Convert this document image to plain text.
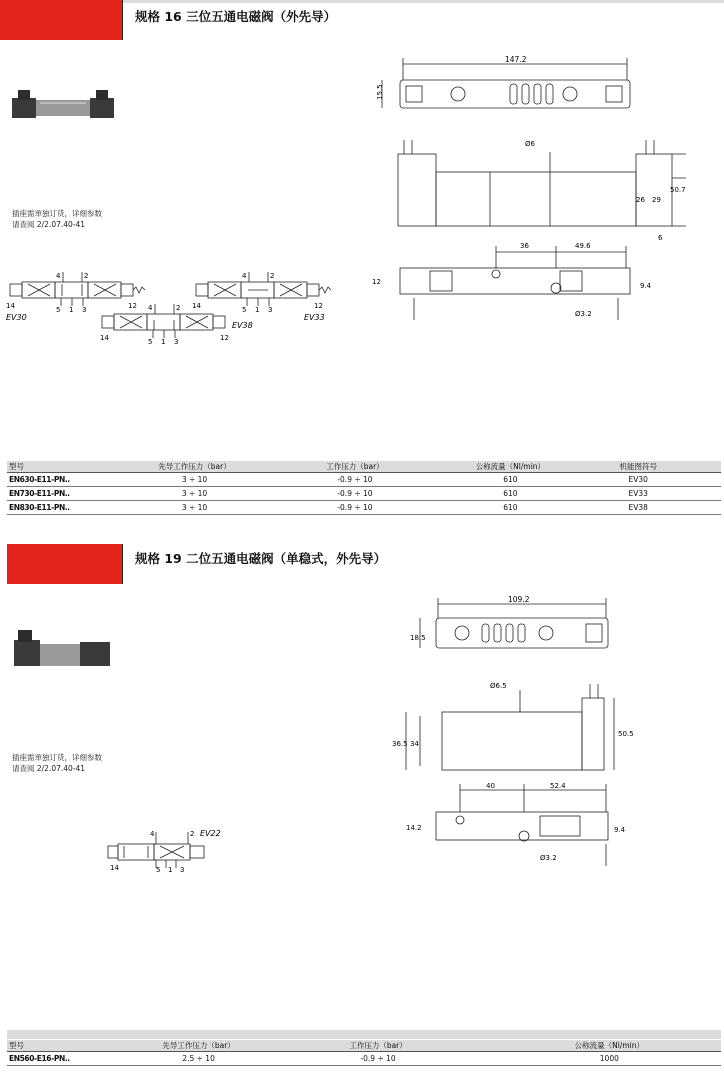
规格 16 三位五通电磁阀（外先导）
插座需单独订货，详细参数
请查阅 2/2.07.40-41
4	2
14	12
5 1 3
EV30
4	2
14	12
5 1 3
EV33
4	2
14	12
5 1 3
EV38
147.2
15.5
Ø6
26 29
50.7
6
36	49.6
12	9.4
Ø3.2
型号	先导工作压力（bar）	工作压力（bar）	公称流量（Nl/min）	机能图符号
EN630-E11-PN..	3 ÷ 10	-0.9 ÷ 10	610	EV30
EN730-E11-PN..	3 ÷ 10	-0.9 ÷ 10	610	EV33
EN830-E11-PN..	3 ÷ 10	-0.9 ÷ 10	610	EV38
规格 19 二位五通电磁阀（单稳式，外先导）
插座需单独订货，详细参数
请查阅 2/2.07.40-41
4	2
14	5 1 3
EV22
109.2
18.5
Ø6.5
36.5 34
50.5
40	52.4
14.2	9.4
Ø3.2
型号	先导工作压力（bar）	工作压力（bar）	公称流量（Nl/min）
EN560-E16-PN..	2.5 ÷ 10	-0.9 ÷ 10	1000
